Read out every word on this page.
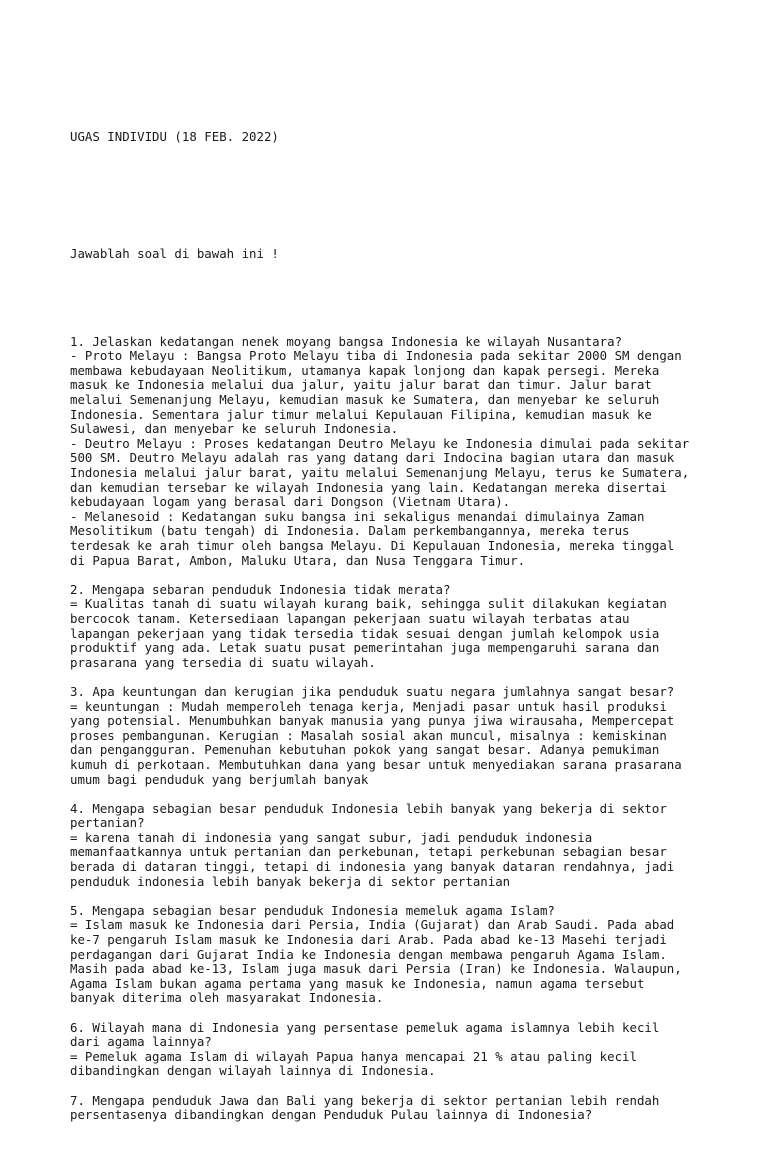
UGAS INDIVIDU (18 FEB. 2022)

Jawablah soal di bawah ini !

1. Jelaskan kedatangan nenek moyang bangsa Indonesia ke wilayah Nusantara?
- Proto Melayu : Bangsa Proto Melayu tiba di Indonesia pada sekitar 2000 SM dengan
membawa kebudayaan Neolitikum, utamanya kapak lonjong dan kapak persegi. Mereka
masuk ke Indonesia melalui dua jalur, yaitu jalur barat dan timur. Jalur barat
melalui Semenanjung Melayu, kemudian masuk ke Sumatera, dan menyebar ke seluruh
Indonesia. Sementara jalur timur melalui Kepulauan Filipina, kemudian masuk ke
Sulawesi, dan menyebar ke seluruh Indonesia.
- Deutro Melayu : Proses kedatangan Deutro Melayu ke Indonesia dimulai pada sekitar
500 SM. Deutro Melayu adalah ras yang datang dari Indocina bagian utara dan masuk
Indonesia melalui jalur barat, yaitu melalui Semenanjung Melayu, terus ke Sumatera,
dan kemudian tersebar ke wilayah Indonesia yang lain. Kedatangan mereka disertai
kebudayaan logam yang berasal dari Dongson (Vietnam Utara).
- Melanesoid : Kedatangan suku bangsa ini sekaligus menandai dimulainya Zaman
Mesolitikum (batu tengah) di Indonesia. Dalam perkembangannya, mereka terus
terdesak ke arah timur oleh bangsa Melayu. Di Kepulauan Indonesia, mereka tinggal
di Papua Barat, Ambon, Maluku Utara, dan Nusa Tenggara Timur.
2. Mengapa sebaran penduduk Indonesia tidak merata?
= Kualitas tanah di suatu wilayah kurang baik, sehingga sulit dilakukan kegiatan
bercocok tanam. Ketersediaan lapangan pekerjaan suatu wilayah terbatas atau
lapangan pekerjaan yang tidak tersedia tidak sesuai dengan jumlah kelompok usia
produktif yang ada. Letak suatu pusat pemerintahan juga mempengaruhi sarana dan
prasarana yang tersedia di suatu wilayah.
3. Apa keuntungan dan kerugian jika penduduk suatu negara jumlahnya sangat besar?
= keuntungan : Mudah memperoleh tenaga kerja, Menjadi pasar untuk hasil produksi
yang potensial. Menumbuhkan banyak manusia yang punya jiwa wirausaha, Mempercepat
proses pembangunan. Kerugian : Masalah sosial akan muncul, misalnya : kemiskinan
dan pengangguran. Pemenuhan kebutuhan pokok yang sangat besar. Adanya pemukiman
kumuh di perkotaan. Membutuhkan dana yang besar untuk menyediakan sarana prasarana
umum bagi penduduk yang berjumlah banyak
4. Mengapa sebagian besar penduduk Indonesia lebih banyak yang bekerja di sektor
pertanian?
= karena tanah di indonesia yang sangat subur, jadi penduduk indonesia
memanfaatkannya untuk pertanian dan perkebunan, tetapi perkebunan sebagian besar
berada di dataran tinggi, tetapi di indonesia yang banyak dataran rendahnya, jadi
penduduk indonesia lebih banyak bekerja di sektor pertanian
5. Mengapa sebagian besar penduduk Indonesia memeluk agama Islam?
= Islam masuk ke Indonesia dari Persia, India (Gujarat) dan Arab Saudi. Pada abad
ke-7 pengaruh Islam masuk ke Indonesia dari Arab. Pada abad ke-13 Masehi terjadi
perdagangan dari Gujarat India ke Indonesia dengan membawa pengaruh Agama Islam.
Masih pada abad ke-13, Islam juga masuk dari Persia (Iran) ke Indonesia. Walaupun,
Agama Islam bukan agama pertama yang masuk ke Indonesia, namun agama tersebut
banyak diterima oleh masyarakat Indonesia.
6. Wilayah mana di Indonesia yang persentase pemeluk agama islamnya lebih kecil
dari agama lainnya?
= Pemeluk agama Islam di wilayah Papua hanya mencapai 21 % atau paling kecil
dibandingkan dengan wilayah lainnya di Indonesia.
7. Mengapa penduduk Jawa dan Bali yang bekerja di sektor pertanian lebih rendah
persentasenya dibandingkan dengan Penduduk Pulau lainnya di Indonesia?
